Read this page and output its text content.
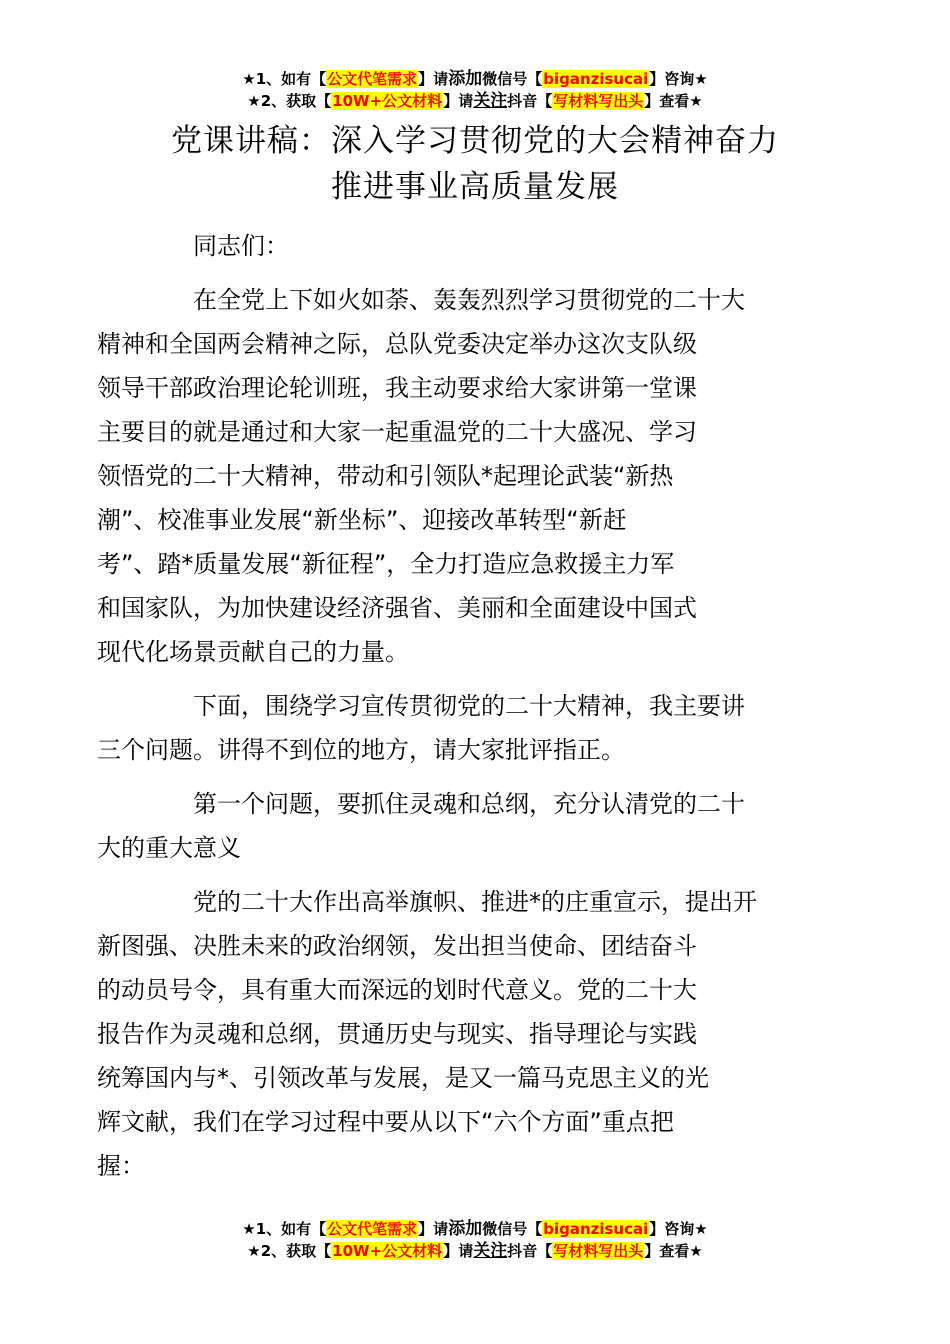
★1、如有【公文代笔需求】请添加微信号【biganzisucai】咨询★
★2、获取【10W+公文材料】请关注抖音【写材料写出头】查看★
党课讲稿：深入学习贯彻党的大会精神奋力
推进事业高质量发展
同志们：
在全党上下如火如荼、轰轰烈烈学习贯彻党的二十大
精神和全国两会精神之际，总队党委决定举办这次支队级
领导干部政治理论轮训班，我主动要求给大家讲第一堂课
主要目的就是通过和大家一起重温党的二十大盛况、学习
领悟党的二十大精神，带动和引领队*起理论武装“新热
潮”、校准事业发展“新坐标”、迎接改革转型“新赶
考”、踏*质量发展“新征程”，全力打造应急救援主力军
和国家队，为加快建设经济强省、美丽和全面建设中国式
现代化场景贡献自己的力量。
下面，围绕学习宣传贯彻党的二十大精神，我主要讲
三个问题。讲得不到位的地方，请大家批评指正。
第一个问题，要抓住灵魂和总纲，充分认清党的二十
大的重大意义
党的二十大作出高举旗帜、推进*的庄重宣示，提出开
新图强、决胜未来的政治纲领，发出担当使命、团结奋斗
的动员号令，具有重大而深远的划时代意义。党的二十大
报告作为灵魂和总纲，贯通历史与现实、指导理论与实践
统筹国内与*、引领改革与发展，是又一篇马克思主义的光
辉文献，我们在学习过程中要从以下“六个方面”重点把
握：
★1、如有【公文代笔需求】请添加微信号【biganzisucai】咨询★
★2、获取【10W+公文材料】请关注抖音【写材料写出头】查看★
